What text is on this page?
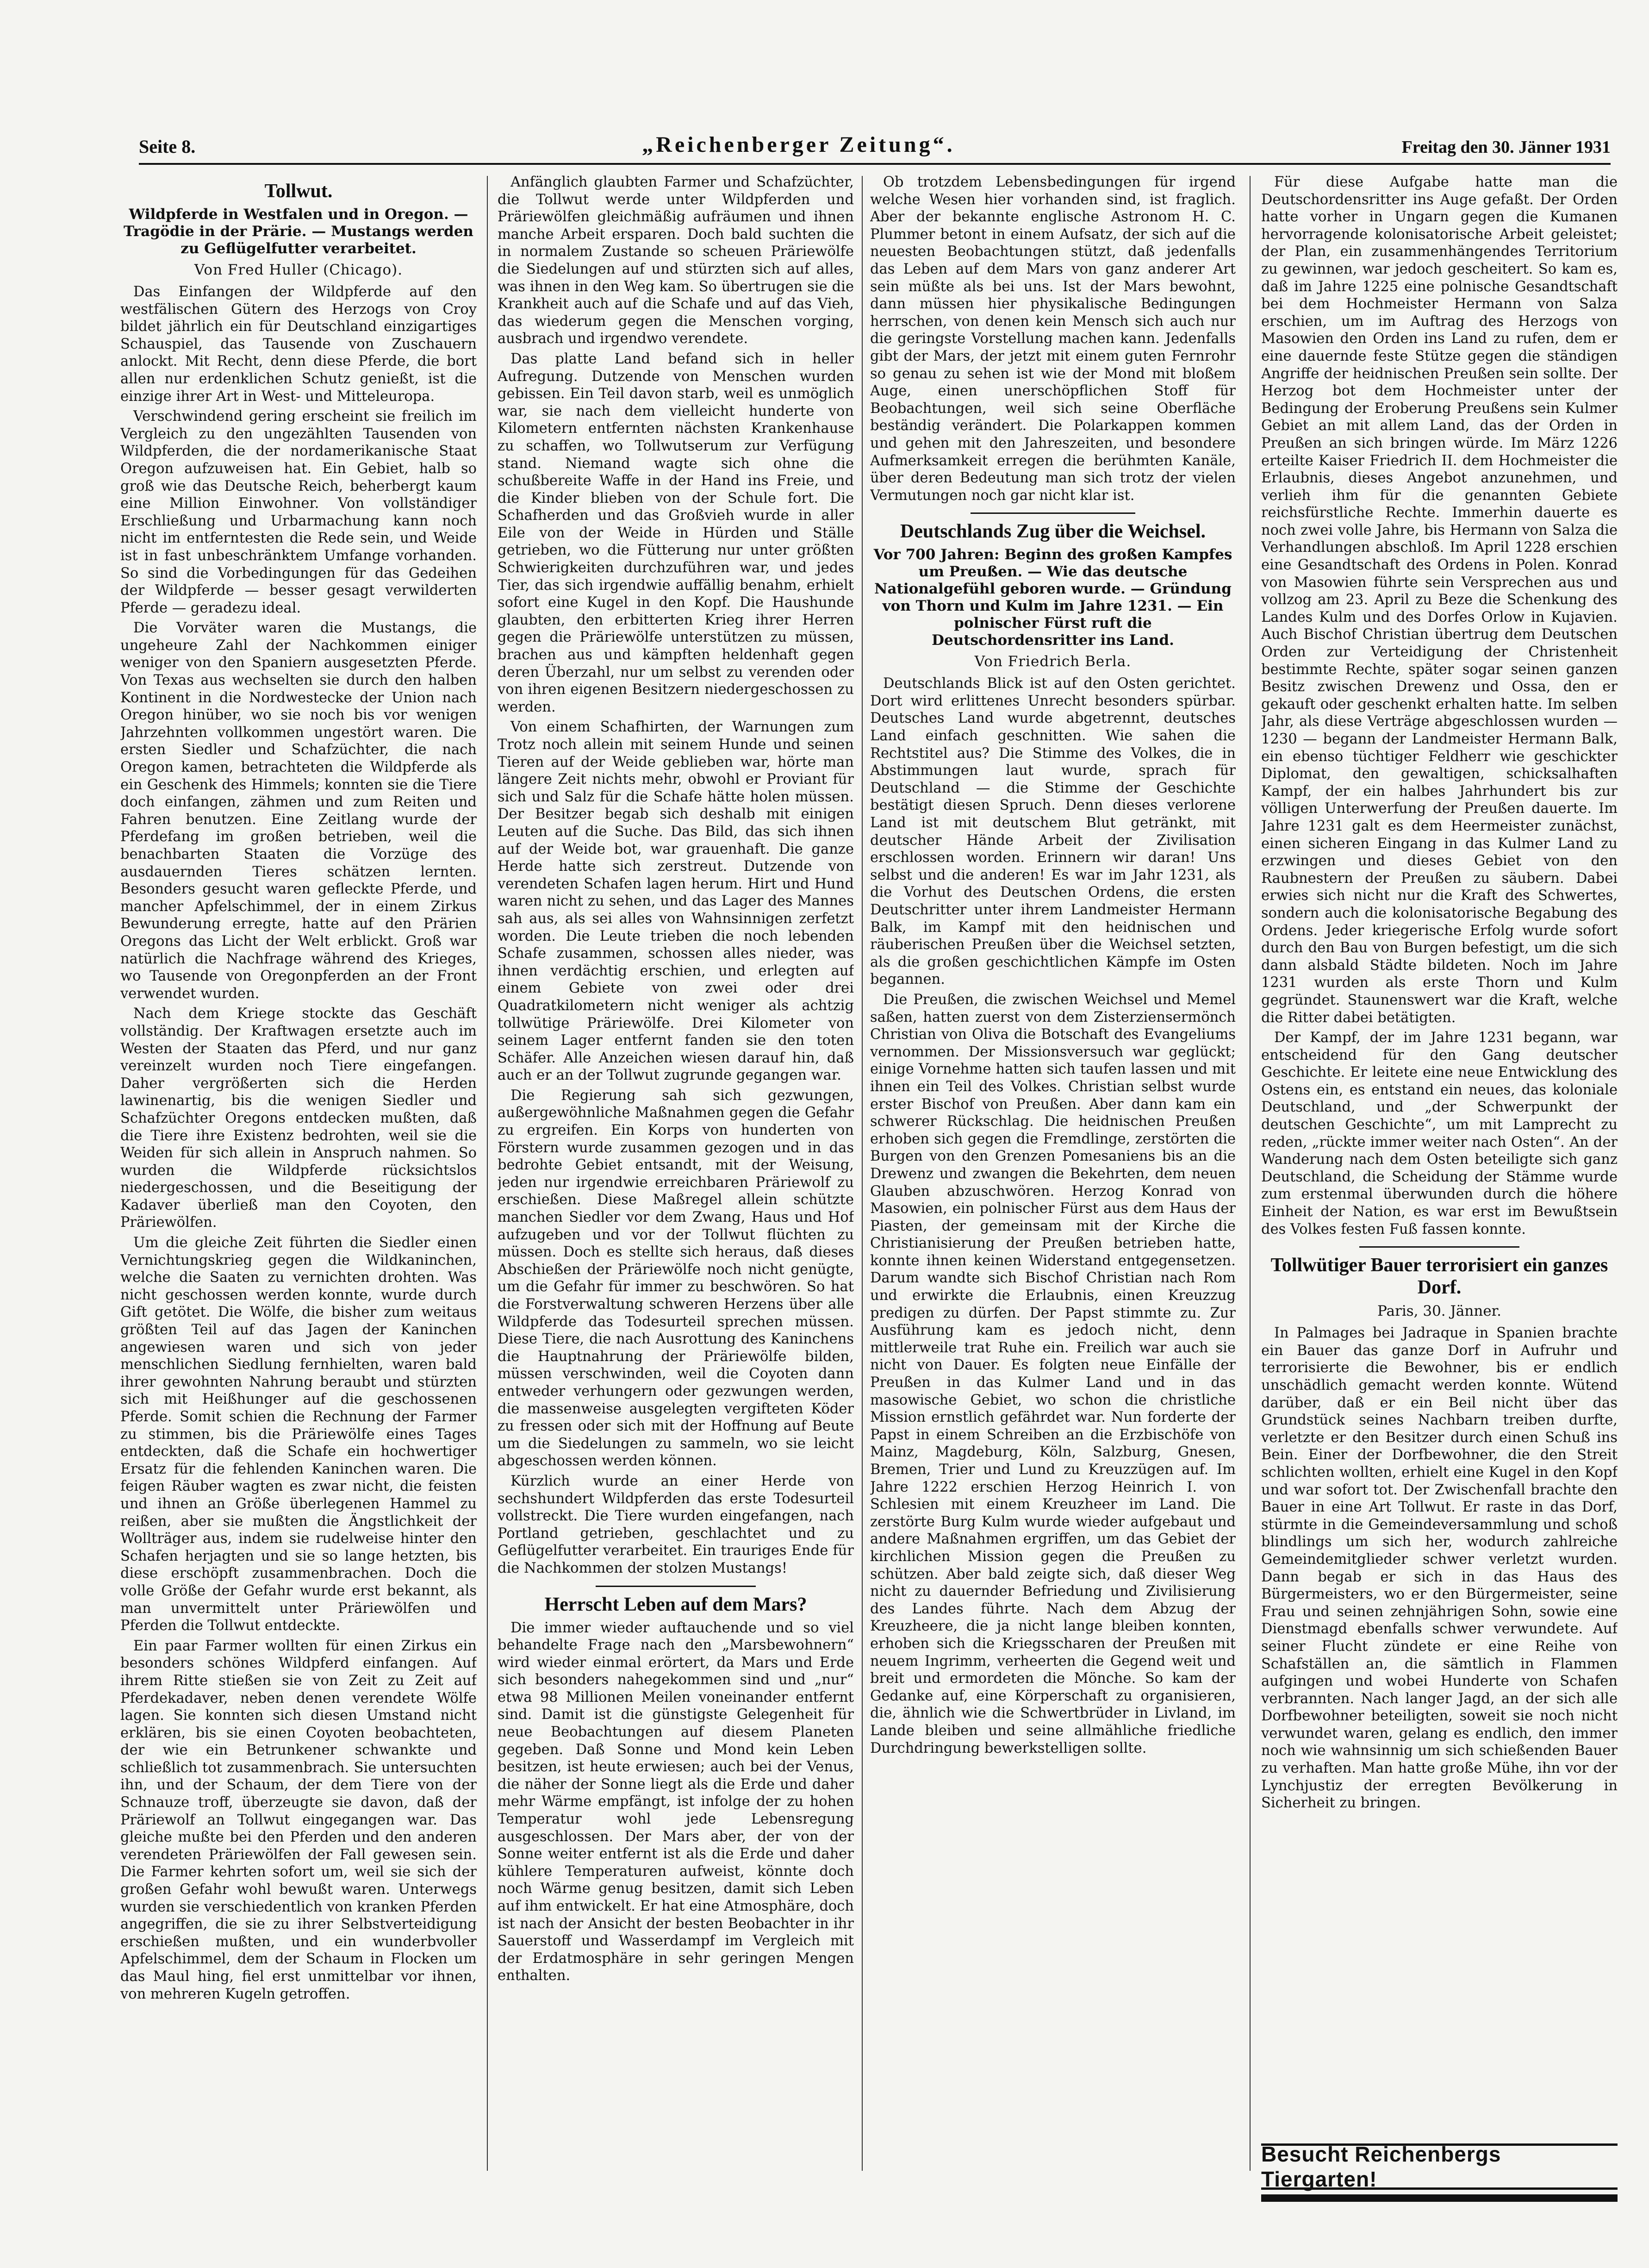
Seite 8.	„Reichenberger Zeitung“.	Freitag den 30. Jänner 1931
Tollwut.
Wildpferde in Westfalen und in Oregon. — Tragödie in der Prärie. — Mustangs werden zu Geflügelfutter verarbeitet.
Von Fred Huller (Chicago).

Das Einfangen der Wildpferde auf den westfälischen Gütern des Herzogs von Croy bildet jährlich ein für Deutschland einzigartiges Schauspiel, das Tausende von Zuschauern anlockt. Mit Recht, denn diese Pferde, die bort allen nur erdenklichen Schutz genießt, ist die einzige ihrer Art in West- und Mitteleuropa.

Verschwindend gering erscheint sie freilich im Vergleich zu den ungezählten Tausenden von Wildpferden, die der nordamerikanische Staat Oregon aufzuweisen hat. Ein Gebiet, halb so groß wie das Deutsche Reich, beherbergt kaum eine Million Einwohner. Von vollständiger Erschließung und Urbarmachung kann noch nicht im entferntesten die Rede sein, und Weide ist in fast unbeschränktem Umfange vorhanden. So sind die Vorbedingungen für das Gedeihen der Wildpferde — besser gesagt verwilderten Pferde — geradezu ideal.

Die Vorväter waren die Mustangs, die ungeheure Zahl der Nachkommen einiger weniger von den Spaniern ausgesetzten Pferde. Von Texas aus wechselten sie durch den halben Kontinent in die Nordwestecke der Union nach Oregon hinüber, wo sie noch bis vor wenigen Jahrzehnten vollkommen ungestört waren. Die ersten Siedler und Schafzüchter, die nach Oregon kamen, betrachteten die Wildpferde als ein Geschenk des Himmels; konnten sie die Tiere doch einfangen, zähmen und zum Reiten und Fahren benutzen. Eine Zeitlang wurde der Pferdefang im großen betrieben, weil die benachbarten Staaten die Vorzüge des ausdauernden Tieres schätzen lernten. Besonders gesucht waren gefleckte Pferde, und mancher Apfelschimmel, der in einem Zirkus Bewunderung erregte, hatte auf den Prärien Oregons das Licht der Welt erblickt. Groß war natürlich die Nachfrage während des Krieges, wo Tausende von Oregonpferden an der Front verwendet wurden.

Nach dem Kriege stockte das Geschäft vollständig. Der Kraftwagen ersetzte auch im Westen der Staaten das Pferd, und nur ganz vereinzelt wurden noch Tiere eingefangen. Daher vergrößerten sich die Herden lawinenartig, bis die wenigen Siedler und Schafzüchter Oregons entdecken mußten, daß die Tiere ihre Existenz bedrohten, weil sie die Weiden für sich allein in Anspruch nahmen. So wurden die Wildpferde rücksichtslos niedergeschossen, und die Beseitigung der Kadaver überließ man den Coyoten, den Präriewölfen.

Um die gleiche Zeit führten die Siedler einen Vernichtungskrieg gegen die Wildkaninchen, welche die Saaten zu vernichten drohten. Was nicht geschossen werden konnte, wurde durch Gift getötet. Die Wölfe, die bisher zum weitaus größten Teil auf das Jagen der Kaninchen angewiesen waren und sich von jeder menschlichen Siedlung fernhielten, waren bald ihrer gewohnten Nahrung beraubt und stürzten sich mit Heißhunger auf die geschossenen Pferde. Somit schien die Rechnung der Farmer zu stimmen, bis die Präriewölfe eines Tages entdeckten, daß die Schafe ein hochwertiger Ersatz für die fehlenden Kaninchen waren. Die feigen Räuber wagten es zwar nicht, die feisten und ihnen an Größe überlegenen Hammel zu reißen, aber sie mußten die Ängstlichkeit der Wollträger aus, indem sie rudelweise hinter den Schafen herjagten und sie so lange hetzten, bis diese erschöpft zusammenbrachen. Doch die volle Größe der Gefahr wurde erst bekannt, als man unvermittelt unter Präriewölfen und Pferden die Tollwut entdeckte.

Ein paar Farmer wollten für einen Zirkus ein besonders schönes Wildpferd einfangen. Auf ihrem Ritte stießen sie von Zeit zu Zeit auf Pferdekadaver, neben denen verendete Wölfe lagen. Sie konnten sich diesen Umstand nicht erklären, bis sie einen Coyoten beobachteten, der wie ein Betrunkener schwankte und schließlich tot zusammenbrach. Sie untersuchten ihn, und der Schaum, der dem Tiere von der Schnauze troff, überzeugte sie davon, daß der Präriewolf an Tollwut eingegangen war. Das gleiche mußte bei den Pferden und den anderen verendeten Präriewölfen der Fall gewesen sein. Die Farmer kehrten sofort um, weil sie sich der großen Gefahr wohl bewußt waren. Unterwegs wurden sie verschiedentlich von kranken Pferden angegriffen, die sie zu ihrer Selbstverteidigung erschießen mußten, und ein wunderbvoller Apfelschimmel, dem der Schaum in Flocken um das Maul hing, fiel erst unmittelbar vor ihnen, von mehreren Kugeln getroffen.

Anfänglich glaubten Farmer und Schafzüchter, die Tollwut werde unter Wildpferden und Präriewölfen gleichmäßig aufräumen und ihnen manche Arbeit ersparen. Doch bald suchten die in normalem Zustande so scheuen Präriewölfe die Siedelungen auf und stürzten sich auf alles, was ihnen in den Weg kam. So übertrugen sie die Krankheit auch auf die Schafe und auf das Vieh, das wiederum gegen die Menschen vorging, ausbrach und irgendwo verendete.

Das platte Land befand sich in heller Aufregung. Dutzende von Menschen wurden gebissen. Ein Teil davon starb, weil es unmöglich war, sie nach dem vielleicht hunderte von Kilometern entfernten nächsten Krankenhause zu schaffen, wo Tollwutserum zur Verfügung stand. Niemand wagte sich ohne die schußbereite Waffe in der Hand ins Freie, und die Kinder blieben von der Schule fort. Die Schafherden und das Großvieh wurde in aller Eile von der Weide in Hürden und Ställe getrieben, wo die Fütterung nur unter größten Schwierigkeiten durchzuführen war, und jedes Tier, das sich irgendwie auffällig benahm, erhielt sofort eine Kugel in den Kopf. Die Haushunde glaubten, den erbitterten Krieg ihrer Herren gegen die Präriewölfe unterstützen zu müssen, brachen aus und kämpften heldenhaft gegen deren Überzahl, nur um selbst zu verenden oder von ihren eigenen Besitzern niedergeschossen zu werden.

Von einem Schafhirten, der Warnungen zum Trotz noch allein mit seinem Hunde und seinen Tieren auf der Weide geblieben war, hörte man längere Zeit nichts mehr, obwohl er Proviant für sich und Salz für die Schafe hätte holen müssen. Der Besitzer begab sich deshalb mit einigen Leuten auf die Suche. Das Bild, das sich ihnen auf der Weide bot, war grauenhaft. Die ganze Herde hatte sich zerstreut. Dutzende von verendeten Schafen lagen herum. Hirt und Hund waren nicht zu sehen, und das Lager des Mannes sah aus, als sei alles von Wahnsinnigen zerfetzt worden. Die Leute trieben die noch lebenden Schafe zusammen, schossen alles nieder, was ihnen verdächtig erschien, und erlegten auf einem Gebiete von zwei oder drei Quadratkilometern nicht weniger als achtzig tollwütige Präriewölfe. Drei Kilometer von seinem Lager entfernt fanden sie den toten Schäfer. Alle Anzeichen wiesen darauf hin, daß auch er an der Tollwut zugrunde gegangen war.

Die Regierung sah sich gezwungen, außergewöhnliche Maßnahmen gegen die Gefahr zu ergreifen. Ein Korps von hunderten von Förstern wurde zusammen gezogen und in das bedrohte Gebiet entsandt, mit der Weisung, jeden nur irgendwie erreichbaren Präriewolf zu erschießen. Diese Maßregel allein schützte manchen Siedler vor dem Zwang, Haus und Hof aufzugeben und vor der Tollwut flüchten zu müssen. Doch es stellte sich heraus, daß dieses Abschießen der Präriewölfe noch nicht genügte, um die Gefahr für immer zu beschwören. So hat die Forstverwaltung schweren Herzens über alle Wildpferde das Todesurteil sprechen müssen. Diese Tiere, die nach Ausrottung des Kaninchens die Hauptnahrung der Präriewölfe bilden, müssen verschwinden, weil die Coyoten dann entweder verhungern oder gezwungen werden, die massenweise ausgelegten vergifteten Köder zu fressen oder sich mit der Hoffnung auf Beute um die Siedelungen zu sammeln, wo sie leicht abgeschossen werden können.

Kürzlich wurde an einer Herde von sechshundert Wildpferden das erste Todesurteil vollstreckt. Die Tiere wurden eingefangen, nach Portland getrieben, geschlachtet und zu Geflügelfutter verarbeitet. Ein trauriges Ende für die Nachkommen der stolzen Mustangs!

Herrscht Leben auf dem Mars?

Die immer wieder auftauchende und so viel behandelte Frage nach den „Marsbewohnern“ wird wieder einmal erörtert, da Mars und Erde sich besonders nahegekommen sind und „nur“ etwa 98 Millionen Meilen voneinander entfernt sind. Damit ist die günstigste Gelegenheit für neue Beobachtungen auf diesem Planeten gegeben. Daß Sonne und Mond kein Leben besitzen, ist heute erwiesen; auch bei der Venus, die näher der Sonne liegt als die Erde und daher mehr Wärme empfängt, ist infolge der zu hohen Temperatur wohl jede Lebensregung ausgeschlossen. Der Mars aber, der von der Sonne weiter entfernt ist als die Erde und daher kühlere Temperaturen aufweist, könnte doch noch Wärme genug besitzen, damit sich Leben auf ihm entwickelt. Er hat eine Atmosphäre, doch ist nach der Ansicht der besten Beobachter in ihr Sauerstoff und Wasserdampf im Vergleich mit der Erdatmosphäre in sehr geringen Mengen enthalten.

Ob trotzdem Lebensbedingungen für irgend welche Wesen hier vorhanden sind, ist fraglich. Aber der bekannte englische Astronom H. C. Plummer betont in einem Aufsatz, der sich auf die neuesten Beobachtungen stützt, daß jedenfalls das Leben auf dem Mars von ganz anderer Art sein müßte als bei uns. Ist der Mars bewohnt, dann müssen hier physikalische Bedingungen herrschen, von denen kein Mensch sich auch nur die geringste Vorstellung machen kann. Jedenfalls gibt der Mars, der jetzt mit einem guten Fernrohr so genau zu sehen ist wie der Mond mit bloßem Auge, einen unerschöpflichen Stoff für Beobachtungen, weil sich seine Oberfläche beständig verändert. Die Polarkappen kommen und gehen mit den Jahreszeiten, und besondere Aufmerksamkeit erregen die berühmten Kanäle, über deren Bedeutung man sich trotz der vielen Vermutungen noch gar nicht klar ist.

Deutschlands Zug über die Weichsel.
Vor 700 Jahren: Beginn des großen Kampfes um Preußen. — Wie das deutsche Nationalgefühl geboren wurde. — Gründung von Thorn und Kulm im Jahre 1231. — Ein polnischer Fürst ruft die Deutschordensritter ins Land.
Von Friedrich Berla.

Deutschlands Blick ist auf den Osten gerichtet. Dort wird erlittenes Unrecht besonders spürbar. Deutsches Land wurde abgetrennt, deutsches Land einfach geschnitten. Wie sahen die Rechtstitel aus? Die Stimme des Volkes, die in Abstimmungen laut wurde, sprach für Deutschland — die Stimme der Geschichte bestätigt diesen Spruch. Denn dieses verlorene Land ist mit deutschem Blut getränkt, mit deutscher Hände Arbeit der Zivilisation erschlossen worden. Erinnern wir daran! Uns selbst und die anderen! Es war im Jahr 1231, als die Vorhut des Deutschen Ordens, die ersten Deutschritter unter ihrem Landmeister Hermann Balk, im Kampf mit den heidnischen und räuberischen Preußen über die Weichsel setzten, als die großen geschichtlichen Kämpfe im Osten begannen.

Die Preußen, die zwischen Weichsel und Memel saßen, hatten zuerst von dem Zisterziensermönch Christian von Oliva die Botschaft des Evangeliums vernommen. Der Missionsversuch war geglückt; einige Vornehme hatten sich taufen lassen und mit ihnen ein Teil des Volkes. Christian selbst wurde erster Bischof von Preußen. Aber dann kam ein schwerer Rückschlag. Die heidnischen Preußen erhoben sich gegen die Fremdlinge, zerstörten die Burgen von den Grenzen Pomesaniens bis an die Drewenz und zwangen die Bekehrten, dem neuen Glauben abzuschwören. Herzog Konrad von Masowien, ein polnischer Fürst aus dem Haus der Piasten, der gemeinsam mit der Kirche die Christianisierung der Preußen betrieben hatte, konnte ihnen keinen Widerstand entgegensetzen. Darum wandte sich Bischof Christian nach Rom und erwirkte die Erlaubnis, einen Kreuzzug predigen zu dürfen. Der Papst stimmte zu. Zur Ausführung kam es jedoch nicht, denn mittlerweile trat Ruhe ein. Freilich war auch sie nicht von Dauer. Es folgten neue Einfälle der Preußen in das Kulmer Land und in das masowische Gebiet, wo schon die christliche Mission ernstlich gefährdet war. Nun forderte der Papst in einem Schreiben an die Erzbischöfe von Mainz, Magdeburg, Köln, Salzburg, Gnesen, Bremen, Trier und Lund zu Kreuzzügen auf. Im Jahre 1222 erschien Herzog Heinrich I. von Schlesien mit einem Kreuzheer im Land. Die zerstörte Burg Kulm wurde wieder aufgebaut und andere Maßnahmen ergriffen, um das Gebiet der kirchlichen Mission gegen die Preußen zu schützen. Aber bald zeigte sich, daß dieser Weg nicht zu dauernder Befriedung und Zivilisierung des Landes führte. Nach dem Abzug der Kreuzheere, die ja nicht lange bleiben konnten, erhoben sich die Kriegsscharen der Preußen mit neuem Ingrimm, verheerten die Gegend weit und breit und ermordeten die Mönche. So kam der Gedanke auf, eine Körperschaft zu organisieren, die, ähnlich wie die Schwertbrüder in Livland, im Lande bleiben und seine allmähliche friedliche Durchdringung bewerkstelligen sollte.

Für diese Aufgabe hatte man die Deutschordensritter ins Auge gefaßt. Der Orden hatte vorher in Ungarn gegen die Kumanen hervorragende kolonisatorische Arbeit geleistet; der Plan, ein zusammenhängendes Territorium zu gewinnen, war jedoch gescheitert. So kam es, daß im Jahre 1225 eine polnische Gesandtschaft bei dem Hochmeister Hermann von Salza erschien, um im Auftrag des Herzogs von Masowien den Orden ins Land zu rufen, dem er eine dauernde feste Stütze gegen die ständigen Angriffe der heidnischen Preußen sein sollte. Der Herzog bot dem Hochmeister unter der Bedingung der Eroberung Preußens sein Kulmer Gebiet an mit allem Land, das der Orden in Preußen an sich bringen würde. Im März 1226 erteilte Kaiser Friedrich II. dem Hochmeister die Erlaubnis, dieses Angebot anzunehmen, und verlieh ihm für die genannten Gebiete reichsfürstliche Rechte. Immerhin dauerte es noch zwei volle Jahre, bis Hermann von Salza die Verhandlungen abschloß. Im April 1228 erschien eine Gesandtschaft des Ordens in Polen. Konrad von Masowien führte sein Versprechen aus und vollzog am 23. April zu Beze die Schenkung des Landes Kulm und des Dorfes Orlow in Kujavien. Auch Bischof Christian übertrug dem Deutschen Orden zur Verteidigung der Christenheit bestimmte Rechte, später sogar seinen ganzen Besitz zwischen Drewenz und Ossa, den er gekauft oder geschenkt erhalten hatte. Im selben Jahr, als diese Verträge abgeschlossen wurden — 1230 — begann der Landmeister Hermann Balk, ein ebenso tüchtiger Feldherr wie geschickter Diplomat, den gewaltigen, schicksalhaften Kampf, der ein halbes Jahrhundert bis zur völligen Unterwerfung der Preußen dauerte. Im Jahre 1231 galt es dem Heermeister zunächst, einen sicheren Eingang in das Kulmer Land zu erzwingen und dieses Gebiet von den Raubnestern der Preußen zu säubern. Dabei erwies sich nicht nur die Kraft des Schwertes, sondern auch die kolonisatorische Begabung des Ordens. Jeder kriegerische Erfolg wurde sofort durch den Bau von Burgen befestigt, um die sich dann alsbald Städte bildeten. Noch im Jahre 1231 wurden als erste Thorn und Kulm gegründet. Staunenswert war die Kraft, welche die Ritter dabei betätigten.

Der Kampf, der im Jahre 1231 begann, war entscheidend für den Gang deutscher Geschichte. Er leitete eine neue Entwicklung des Ostens ein, es entstand ein neues, das koloniale Deutschland, und „der Schwerpunkt der deutschen Geschichte“, um mit Lamprecht zu reden, „rückte immer weiter nach Osten“. An der Wanderung nach dem Osten beteiligte sich ganz Deutschland, die Scheidung der Stämme wurde zum erstenmal überwunden durch die höhere Einheit der Nation, es war erst im Bewußtsein des Volkes festen Fuß fassen konnte.

Tollwütiger Bauer terrorisiert ein ganzes Dorf.
Paris, 30. Jänner.

In Palmages bei Jadraque in Spanien brachte ein Bauer das ganze Dorf in Aufruhr und terrorisierte die Bewohner, bis er endlich unschädlich gemacht werden konnte. Wütend darüber, daß er ein Beil nicht über das Grundstück seines Nachbarn treiben durfte, verletzte er den Besitzer durch einen Schuß ins Bein. Einer der Dorfbewohner, die den Streit schlichten wollten, erhielt eine Kugel in den Kopf und war sofort tot. Der Zwischenfall brachte den Bauer in eine Art Tollwut. Er raste in das Dorf, stürmte in die Gemeindeversammlung und schoß blindlings um sich her, wodurch zahlreiche Gemeindemitglieder schwer verletzt wurden. Dann begab er sich in das Haus des Bürgermeisters, wo er den Bürgermeister, seine Frau und seinen zehnjährigen Sohn, sowie eine Dienstmagd ebenfalls schwer verwundete. Auf seiner Flucht zündete er eine Reihe von Schafställen an, die sämtlich in Flammen aufgingen und wobei Hunderte von Schafen verbrannten. Nach langer Jagd, an der sich alle Dorfbewohner beteiligten, soweit sie noch nicht verwundet waren, gelang es endlich, den immer noch wie wahnsinnig um sich schießenden Bauer zu verhaften. Man hatte große Mühe, ihn vor der Lynchjustiz der erregten Bevölkerung in Sicherheit zu bringen.

Besucht Reichenbergs Tiergarten!
